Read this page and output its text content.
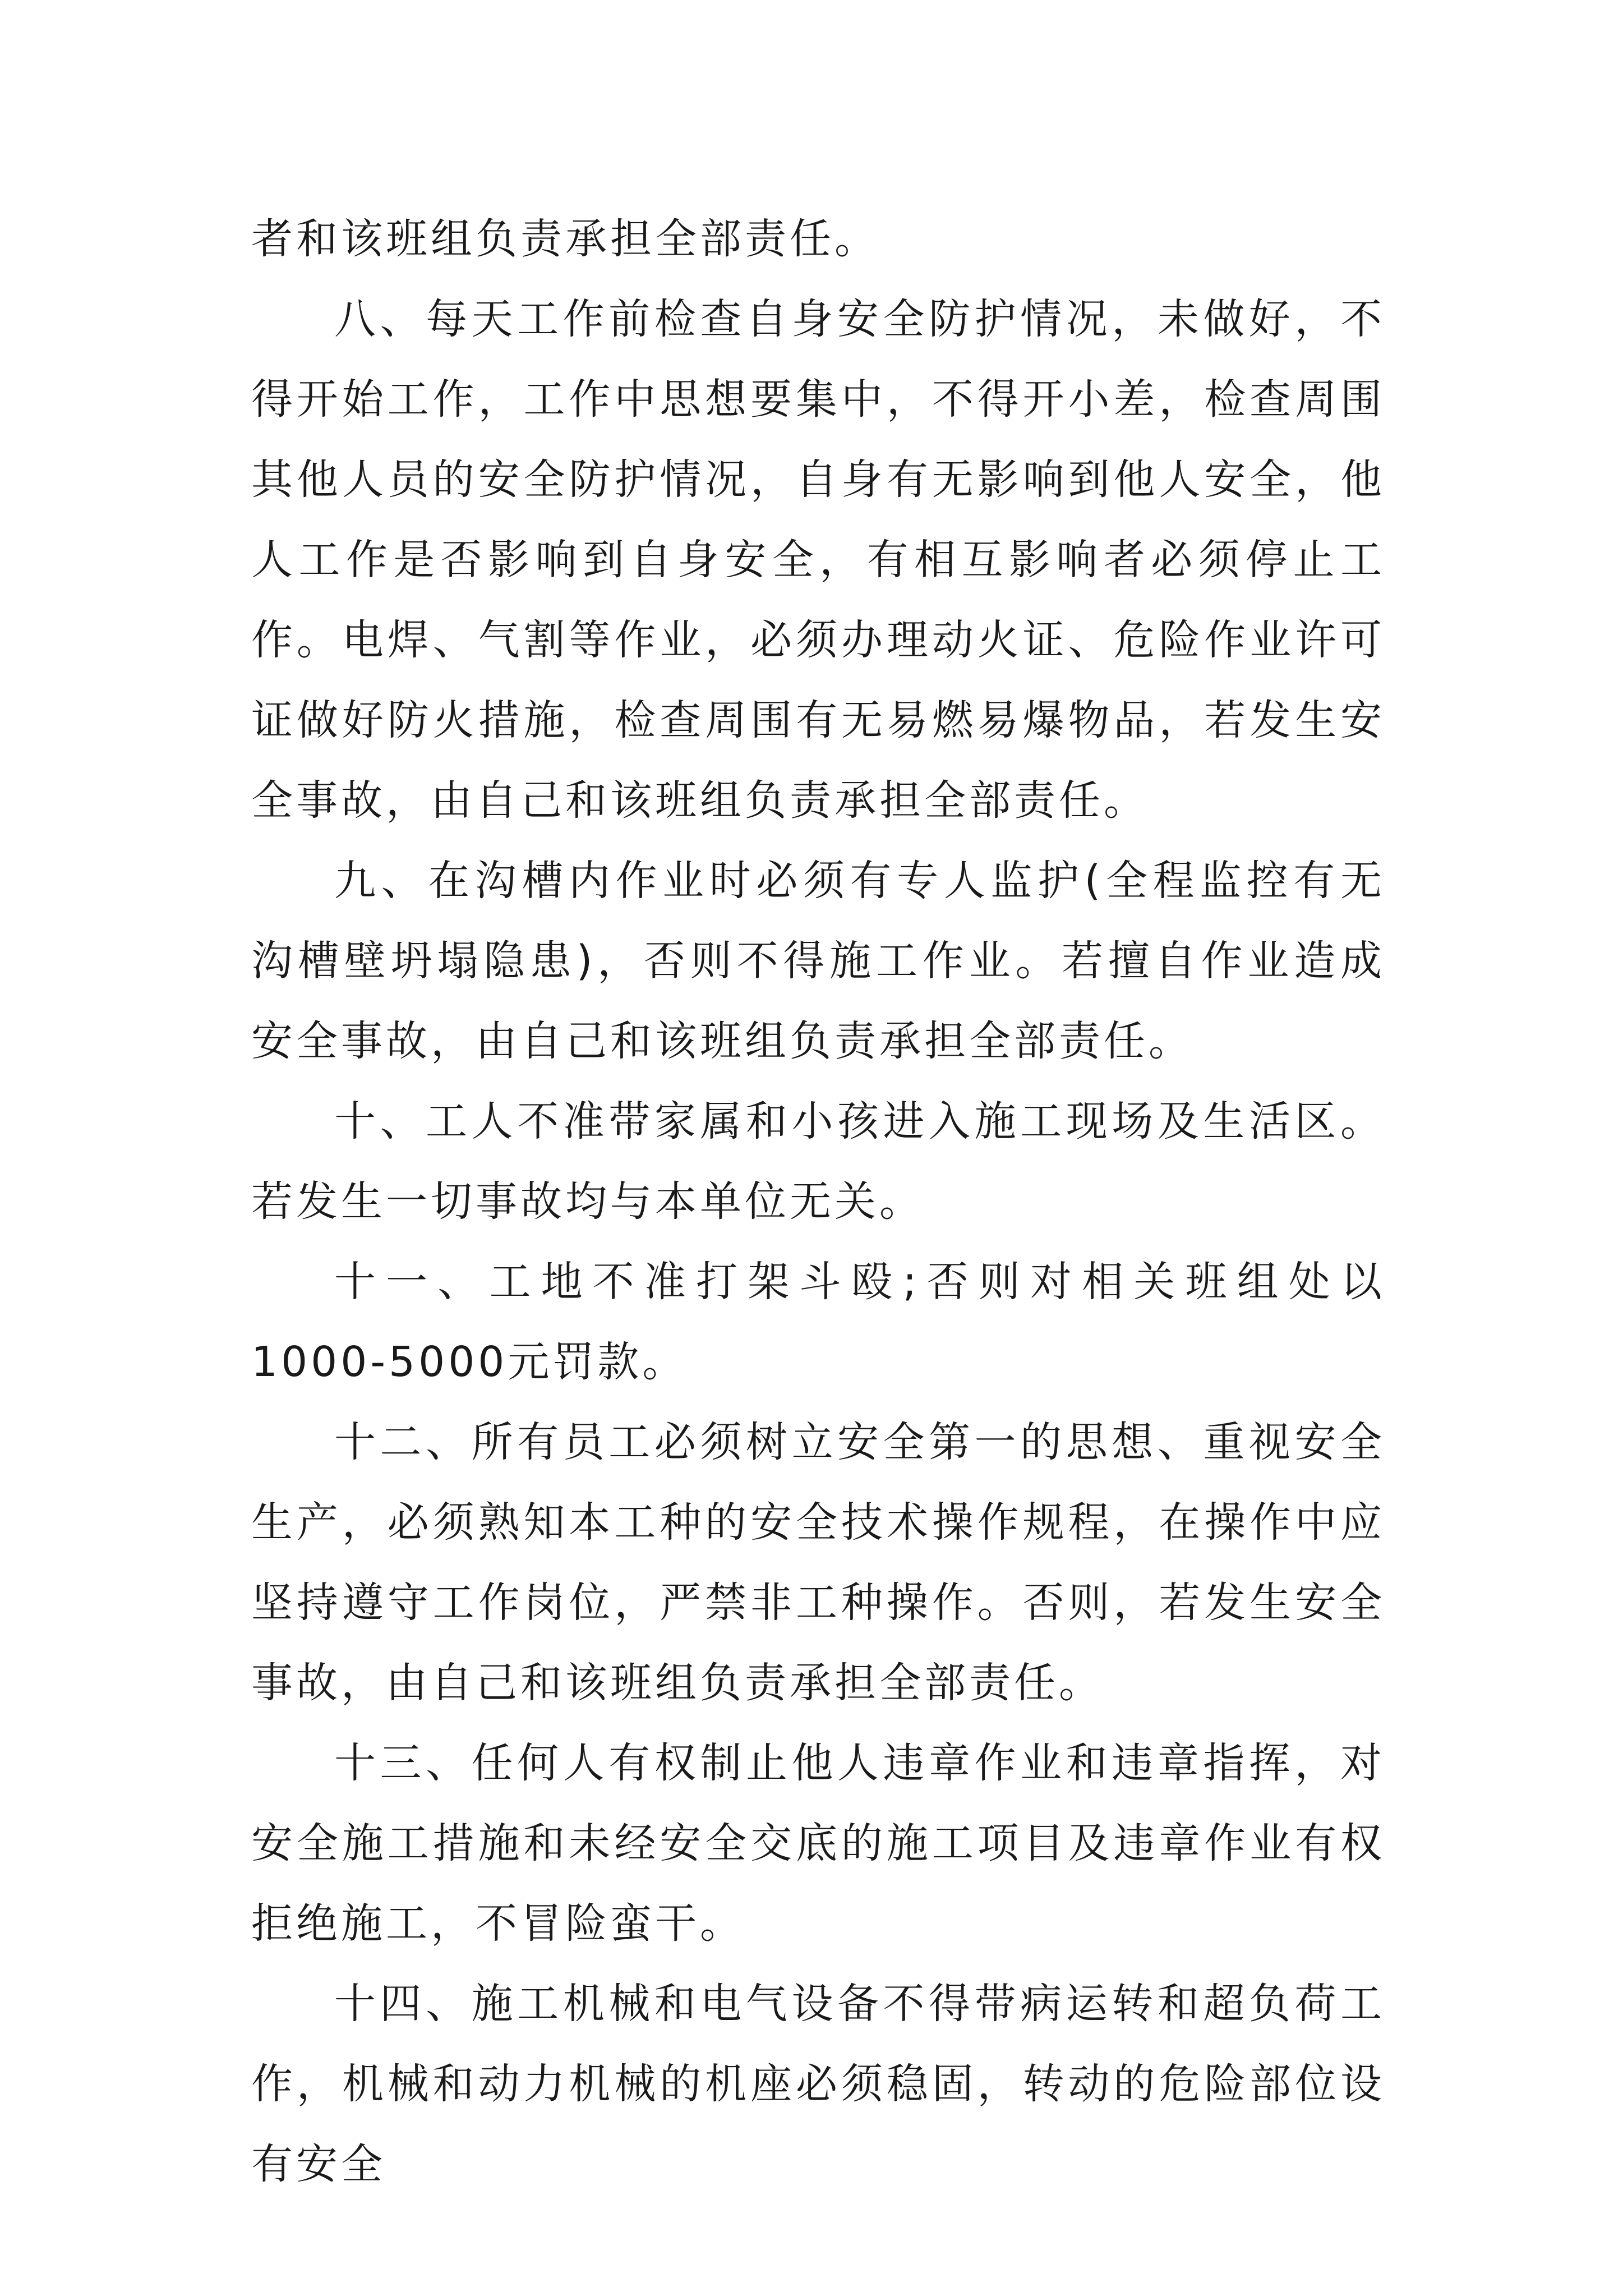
者和该班组负责承担全部责任。

八、每天工作前检查自身安全防护情况，未做好，不得开始工作，工作中思想要集中，不得开小差，检查周围其他人员的安全防护情况，自身有无影响到他人安全，他人工作是否影响到自身安全，有相互影响者必须停止工作。电焊、气割等作业，必须办理动火证、危险作业许可证做好防火措施，检查周围有无易燃易爆物品，若发生安全事故，由自己和该班组负责承担全部责任。

九、在沟槽内作业时必须有专人监护(全程监控有无沟槽壁坍塌隐患)，否则不得施工作业。若擅自作业造成安全事故，由自己和该班组负责承担全部责任。

十、工人不准带家属和小孩进入施工现场及生活区。若发生一切事故均与本单位无关。

十一、工地不准打架斗殴;否则对相关班组处以1000-5000元罚款。

十二、所有员工必须树立安全第一的思想、重视安全生产，必须熟知本工种的安全技术操作规程，在操作中应坚持遵守工作岗位，严禁非工种操作。否则，若发生安全事故，由自己和该班组负责承担全部责任。

十三、任何人有权制止他人违章作业和违章指挥，对安全施工措施和未经安全交底的施工项目及违章作业有权拒绝施工，不冒险蛮干。

十四、施工机械和电气设备不得带病运转和超负荷工作，机械和动力机械的机座必须稳固，转动的危险部位设有安全
